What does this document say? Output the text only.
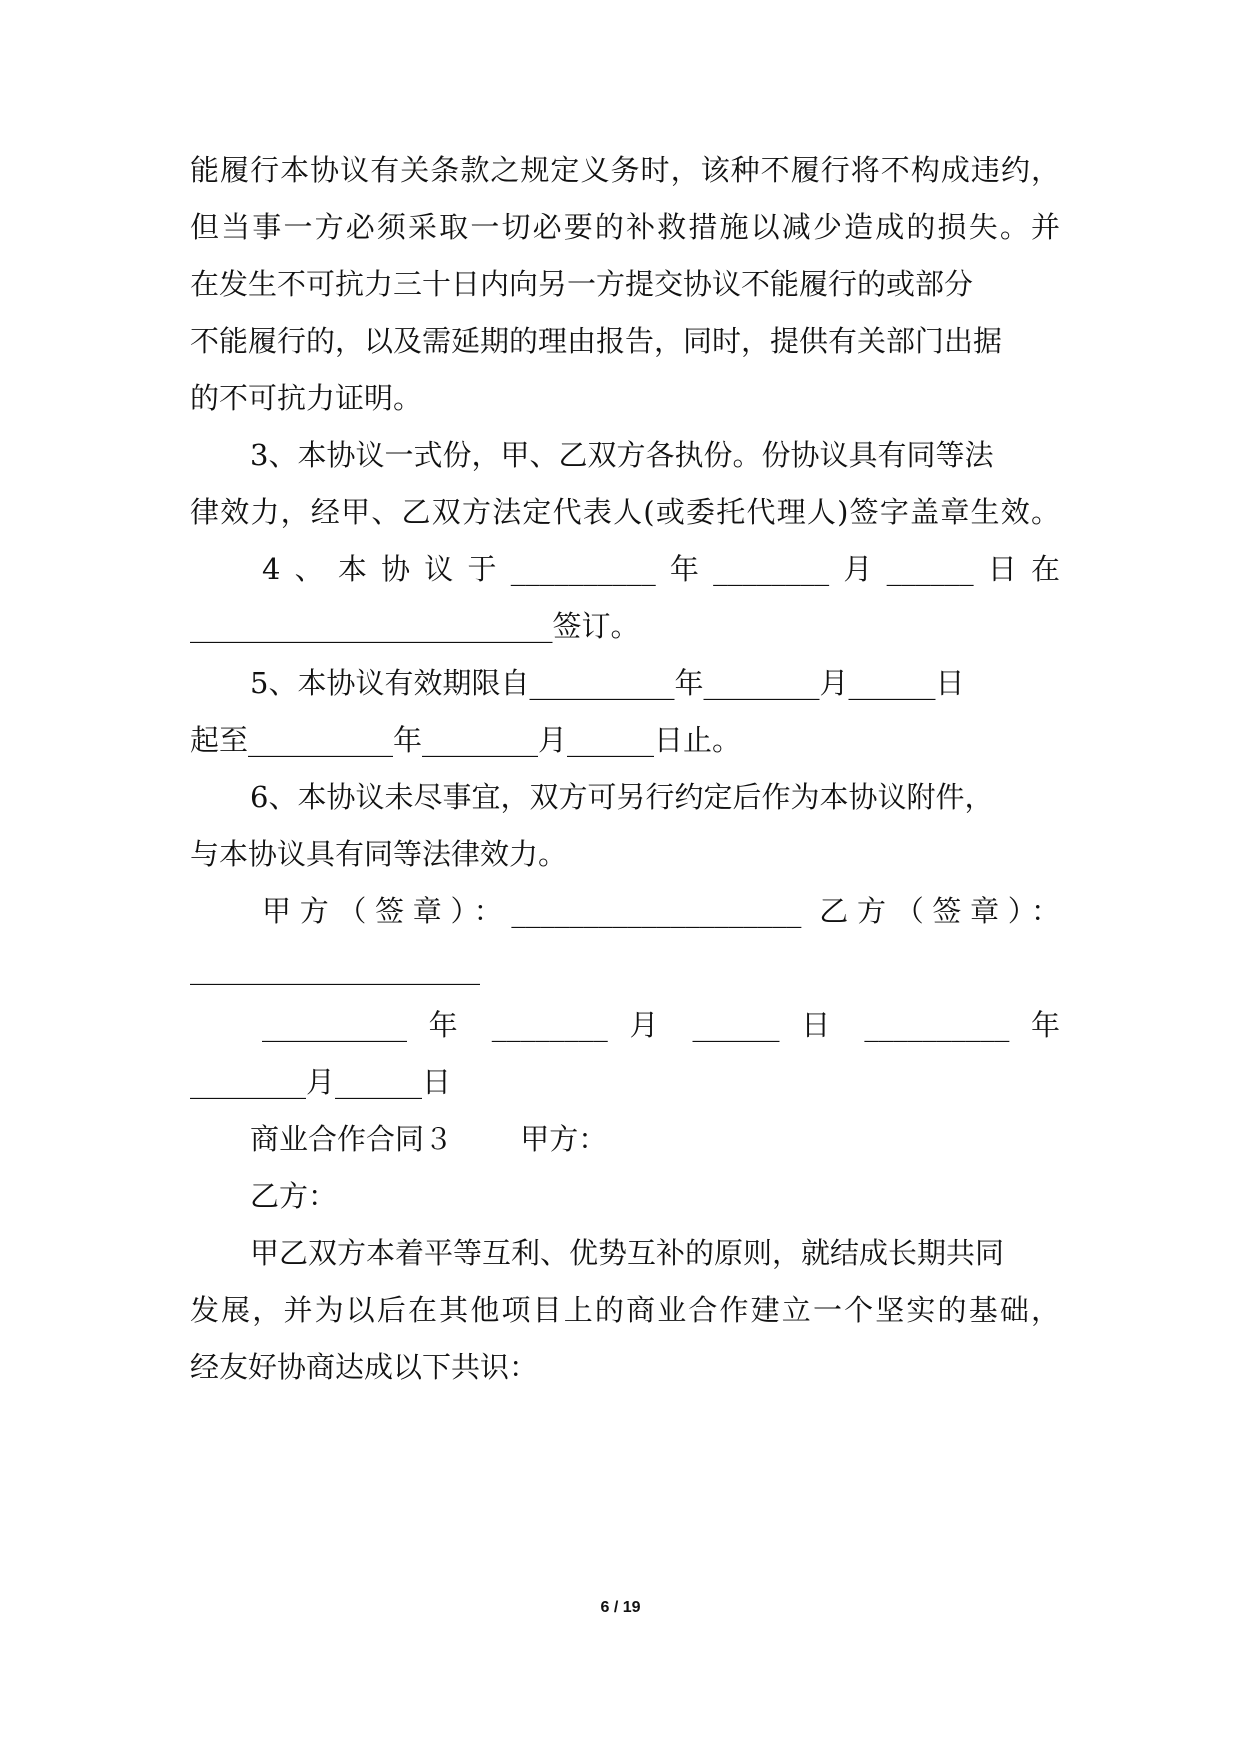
能履行本协议有关条款之规定义务时，该种不履行将不构成违约，
但当事一方必须采取一切必要的补救措施以减少造成的损失。并
在发生不可抗力三十日内向另一方提交协议不能履行的或部分
不能履行的，以及需延期的理由报告，同时，提供有关部门出据
的不可抗力证明。
3、本协议一式份，甲、乙双方各执份。份协议具有同等法
律效力，经甲、乙双方法定代表人(或委托代理人)签字盖章生效。
4、本协议于__________年________月______日在
_________________________签订。
5、本协议有效期限自__________年________月______日
起至__________年________月______日止。
6、本协议未尽事宜，双方可另行约定后作为本协议附件，
与本协议具有同等法律效力。
甲方（签章）：____________________ 乙方（签章）：
____________________
__________ 年 ________ 月 ______ 日 __________ 年
________月______日
商业合作合同３　　 甲方：
乙方：
甲乙双方本着平等互利、优势互补的原则，就结成长期共同
发展，并为以后在其他项目上的商业合作建立一个坚实的基础，
经友好协商达成以下共识：
6 / 19
